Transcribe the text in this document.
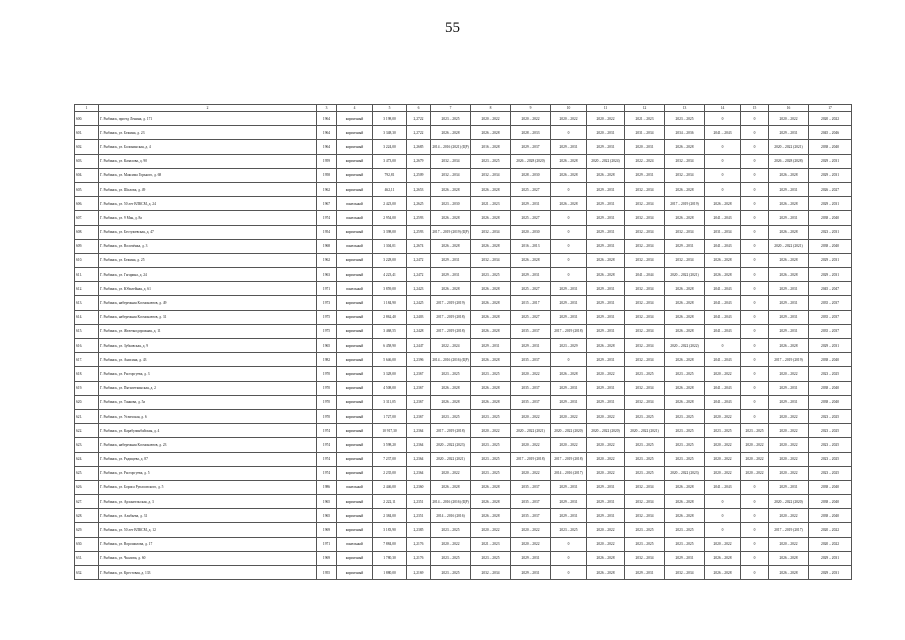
55
1	2	3	4	5	6	7	8	9	10	11	12	13	14	15	16	17
600.	Г. Рыбинск, проезд Ленина, д. 171	1964	кирпичный	3 198,00	2,2722	2023 – 2025	2020 – 2022	2020 – 2022	2020 – 2022	2020 – 2022	2021 – 2023	2023 – 2025	0	0	2020 – 2022	2020 – 2022
601.	Г. Рыбинск, ул. Бежина, д. 23	1964	кирпичный	3 348,30	2,2722	2026 – 2028	2026 – 2028	2028 – 2033	0	2020 – 2031	2031 – 2034	2034 – 2036	2041 – 2043	0	2029 – 2031	2045 – 2046
602.	Г. Рыбинск, ул. Болонинская, д. 4	1964	кирпичный	3 224,00	2,2685	2014 – 2016 (2021) (ЦР)	2016 – 2028	2029 – 2037	2029 – 2031	2029 – 2031	2020 – 2031	2026 – 2028	0	0	2020 – 2022 (2021)	2038 – 2040
603.	Г. Рыбинск, ул. Качалова, д. 90	1959	кирпичный	3 473,00	2,2679	2032 – 2034	2023 – 2025	2026 – 2028 (2020)	2026 – 2028	2020 – 2022 (2024)	2022 – 2024	2032 – 2034	0	0	2026 – 2028 (2028)	2029 – 2031
604.	Г. Рыбинск, ул. Максима Горького, д. 68	1958	кирпичный	792,81	2,2509	2032 – 2034	2032 – 2034	2028 – 2030	2026 – 2028	2026 – 2028	2029 – 2031	2032 – 2034	0	0	2026 – 2028	2029 – 2031
605.	Г. Рыбинск, ул. Шилова, д. 49	1962	кирпичный	462,11	2,2653	2026 – 2028	2026 – 2028	2025 – 2027	0	2029 – 2031	2032 – 2034	2026 – 2028	0	0	2029 – 2031	2026 – 2027
606.	Г. Рыбинск, ул. 50 лет ВЛКСМ, д. 24	1967	панельный	2 423,00	2,2625	2023 – 2030	2021 – 2023	2029 – 2031	2026 – 2028	2029 – 2031	2032 – 2034	2017 – 2019 (2019)	2026 – 2028	0	2026 – 2028	2029 – 2031
607.	Г. Рыбинск, ул. 9 Мая, д. 8а	1974	панельный	2 954,00	2,2593	2026 – 2028	2026 – 2028	2025 – 2027	0	2029 – 2031	2032 – 2034	2026 – 2028	2041 – 2043	0	2029 – 2031	2038 – 2040
608.	Г. Рыбинск, ул. Бестужевская, д. 47	1954	кирпичный	3 398,00	2,2593	2017 – 2019 (2019) (ЦР)	2032 – 2034	2020 – 2030	0	2029 – 2031	2032 – 2034	2032 – 2034	2031 – 2034	0	2026 – 2028	2023 – 2031
609.	Г. Рыбинск, ул. Волочёнка, д. 3	1968	панельный	1 304,01	2,2674	2026 – 2028	2026 – 2028	2016 – 2013	0	2029 – 2031	2032 – 2034	2029 – 2031	2041 – 2043	0	2020 – 2022 (2021)	2038 – 2040
610.	Г. Рыбинск, ул. Бежина, д. 25	1962	кирпичный	3 228,00	2,2472	2029 – 2031	2032 – 2034	2026 – 2028	0	2026 – 2028	2032 – 2034	2032 – 2034	2026 – 2028	0	2026 – 2028	2029 – 2031
611.	Г. Рыбинск, ул. Гагарина, д. 24	1963	кирпичный	4 223,41	2,2472	2029 – 2031	2023 – 2025	2029 – 2031	0	2026 – 2028	2041 – 2044	2020 – 2022 (2021)	2026 – 2028	0	2026 – 2028	2029 – 2031
612.	Г. Рыбинск, ул. Юбилейная, д. 61	1971	панельный	3 859,00	2,2423	2026 – 2028	2026 – 2028	2025 – 2027	2029 – 2031	2029 – 2031	2032 – 2034	2026 – 2028	2041 – 2043	0	2029 – 2031	2045 – 2047
613.	Г. Рыбинск, набережная Космонавтов, д. 49	1973	кирпичный	1 184,90	2,2425	2017 – 2019 (2019)	2026 – 2028	2015 – 2017	2029 – 2031	2029 – 2031	2032 – 2034	2026 – 2028	2041 – 2043	0	2029 – 2031	2035 – 2037
614.	Г. Рыбинск, набережная Космонавтов, д. 31	1975	кирпичный	2 862,40	2,2403	2017 – 2019 (2018)	2026 – 2028	2025 – 2027	2029 – 2031	2029 – 2031	2032 – 2034	2026 – 2028	2041 – 2043	0	2029 – 2031	2035 – 2037
615.	Г. Рыбинск, ул. Железнодорожная, д. 11	1975	кирпичный	3 468,55	2,2428	2017 – 2019 (2018)	2026 – 2028	2035 – 2037	2017 – 2019 (2018)	2029 – 2031	2032 – 2034	2026 – 2028	2041 – 2043	0	2029 – 2031	2035 – 2037
616.	Г. Рыбинск, ул. Зубковская, д. 9	1965	кирпичный	6 458,90	2,2447	2022 – 2024	2029 – 2031	2029 – 2031	2023 – 2029	2026 – 2028	2032 – 2034	2020 – 2022 (2022)	0	0	2026 – 2028	2029 – 2031
617.	Г. Рыбинск, ул. Анисина, д. 43	1982	кирпичный	5 646,00	2,2396	2014 – 2016 (2016) (ЦР)	2026 – 2028	2035 – 2037	0	2029 – 2031	2032 – 2034	2026 – 2028	2041 – 2043	0	2017 – 2019 (2019)	2038 – 2040
618.	Г. Рыбинск, ул. Расторгуева, д. 3	1970	кирпичный	3 328,00	2,2367	2023 – 2025	2023 – 2025	2020 – 2022	2026 – 2028	2020 – 2022	2023 – 2025	2023 – 2025	2020 – 2022	0	2020 – 2022	2023 – 2025
619.	Г. Рыбинск, ул. Пятилеткинская, д. 2	1970	кирпичный	4 508,00	2,2367	2026 – 2028	2026 – 2028	2035 – 2037	2029 – 2031	2029 – 2031	2032 – 2034	2026 – 2028	2041 – 2043	0	2029 – 2031	2038 – 2040
620.	Г. Рыбинск, ул. Танкова, д. 5а	1970	кирпичный	3 311,05	2,2367	2026 – 2028	2026 – 2028	2035 – 2037	2029 – 2031	2029 – 2031	2032 – 2034	2026 – 2028	2041 – 2043	0	2029 – 2031	2038 – 2040
621.	Г. Рыбинск, ул. Угличская, д. 6	1970	кирпичный	1 727,00	2,2367	2023 – 2025	2023 – 2025	2020 – 2022	2020 – 2022	2020 – 2022	2023 – 2025	2023 – 2025	2020 – 2022	0	2020 – 2022	2023 – 2025
622.	Г. Рыбинск, ул. Карабулинбайская, д. 4	1974	кирпичный	10 917,30	2,2364	2017 – 2019 (2018)	2020 – 2022	2020 – 2022 (2021)	2020 – 2022 (2020)	2020 – 2022 (2020)	2020 – 2022 (2021)	2023 – 2025	2023 – 2025	2023 – 2025	2020 – 2022	2023 – 2025
623.	Г. Рыбинск, набережная Космонавтов, д. 23	1974	кирпичный	3 598,20	2,2364	2020 – 2022 (2023)	2023 – 2025	2020 – 2022	2020 – 2022	2020 – 2022	2023 – 2025	2023 – 2025	2020 – 2022	2020 – 2022	2020 – 2022	2023 – 2025
624.	Г. Рыбинск, ул. Радищева, д. 87	1974	кирпичный	7 237,00	2,2364	2020 – 2022 (2021)	2023 – 2025	2017 – 2019 (2018)	2017 – 2019 (2018)	2020 – 2022	2023 – 2025	2023 – 2025	2020 – 2022	2020 – 2022	2020 – 2022	2023 – 2025
625.	Г. Рыбинск, ул. Расторгуева, д. 5	1974	кирпичный	2 235,00	2,2364	2020 – 2022	2023 – 2025	2020 – 2022	2014 – 2016 (2017)	2020 – 2022	2023 – 2025	2020 – 2022 (2023)	2020 – 2022	2020 – 2022	2020 – 2022	2023 – 2025
626.	Г. Рыбинск, ул. Бориса Рупасовского, д. 5	1986	панельный	2 446,00	2,2360	2026 – 2028	2026 – 2028	2035 – 2037	2029 – 2031	2029 – 2031	2032 – 2034	2026 – 2028	2041 – 2043	0	2029 – 2031	2038 – 2040
627.	Г. Рыбинск, ул. Архангельская, д. 3	1965	кирпичный	2 222,11	2,2351	2014 – 2016 (2016) (ЦР)	2026 – 2028	2035 – 2037	2029 – 2031	2029 – 2031	2032 – 2034	2026 – 2028	0	0	2020 – 2022 (2020)	2038 – 2040
628.	Г. Рыбинск, ул. Алябьева, д. 31	1965	кирпичный	2 384,00	2,2351	2014 – 2016 (2016)	2026 – 2028	2035 – 2037	2029 – 2031	2029 – 2031	2032 – 2034	2026 – 2028	0	0	2020 – 2022	2038 – 2040
629.	Г. Рыбинск, ул. 50 лет ВЛКСМ, д. 12	1969	кирпичный	3 183,90	2,2385	2023 – 2025	2020 – 2022	2020 – 2022	2023 – 2025	2020 – 2022	2023 – 2025	2023 – 2025	0	0	2017 – 2019 (2017)	2020 – 2022
630.	Г. Рыбинск, ул. Ворошилова, д. 17	1971	панельный	7 884,00	2,2176	2020 – 2022	2021 – 2023	2020 – 2022	0	2020 – 2022	2023 – 2025	2023 – 2025	2020 – 2022	0	2020 – 2022	2020 – 2022
631.	Г. Рыбинск, ул. Чкалова, д. 60	1969	кирпичный	1 780,30	2,2176	2023 – 2025	2023 – 2025	2029 – 2031	0	2026 – 2028	2032 – 2034	2029 – 2031	2026 – 2028	0	2026 – 2028	2029 – 2031
632.	Г. Рыбинск, ул. Крестовая, д. 133	1955	кирпичный	1 880,00	2,2169	2023 – 2025	2032 – 2034	2029 – 2031	0	2026 – 2028	2029 – 2031	2032 – 2034	2026 – 2028	0	2026 – 2028	2029 – 2031
